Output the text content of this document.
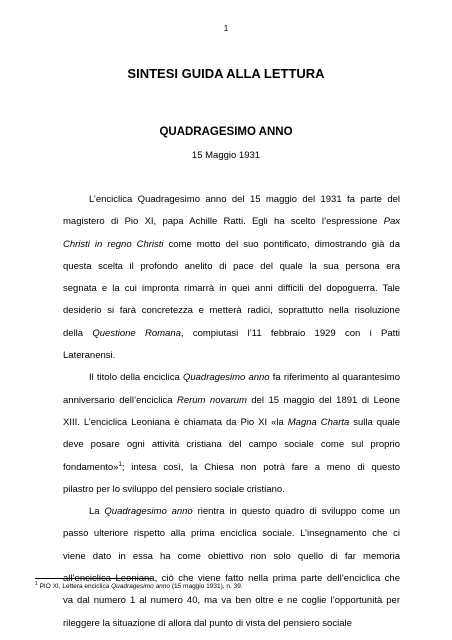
1
SINTESI GUIDA ALLA LETTURA
QUADRAGESIMO ANNO
15 Maggio 1931

L’enciclica Quadragesimo anno del 15 maggio del 1931 fa parte del
magistero di Pio XI, papa Achille Ratti. Egli ha scelto l’espressione Pax
Christi in regno Christi come motto del suo pontificato, dimostrando già da
questa scelta il profondo anelito di pace del quale la sua persona era
segnata e la cui impronta rimarrà in quei anni difficili del dopoguerra. Tale
desiderio si farà concretezza e metterà radici, soprattutto nella risoluzione
della Questione Romana, compiutasi l’11 febbraio 1929 con i Patti
Lateranensi.

Il titolo della enciclica Quadragesimo anno fa riferimento al quarantesimo
anniversario dell’enciclica Rerum novarum del 15 maggio del 1891 di Leone
XIII. L’enciclica Leoniana è chiamata da Pio XI «la Magna Charta sulla quale
deve posare ogni attività cristiana del campo sociale come sul proprio
fondamento»$^1$; intesa così, la Chiesa non potrà fare a meno di questo
pilastro per lo sviluppo del pensiero sociale cristiano.

La Quadragesimo anno rientra in questo quadro di sviluppo come un
passo ulteriore rispetto alla prima enciclica sociale. L’insegnamento che ci
viene dato in essa ha come obiettivo non solo quello di far memoria
all’enciclica Leoniana, ciò che viene fatto nella prima parte dell’enciclica che
va dal numero 1 al numero 40, ma va ben oltre e ne coglie l’opportunità per
rileggere la situazione di allora dal punto di vista del pensiero sociale

$^1$ PIO XI, Lettera enciclica Quadragesimo anno (15 maggio 1931), n. 39.
